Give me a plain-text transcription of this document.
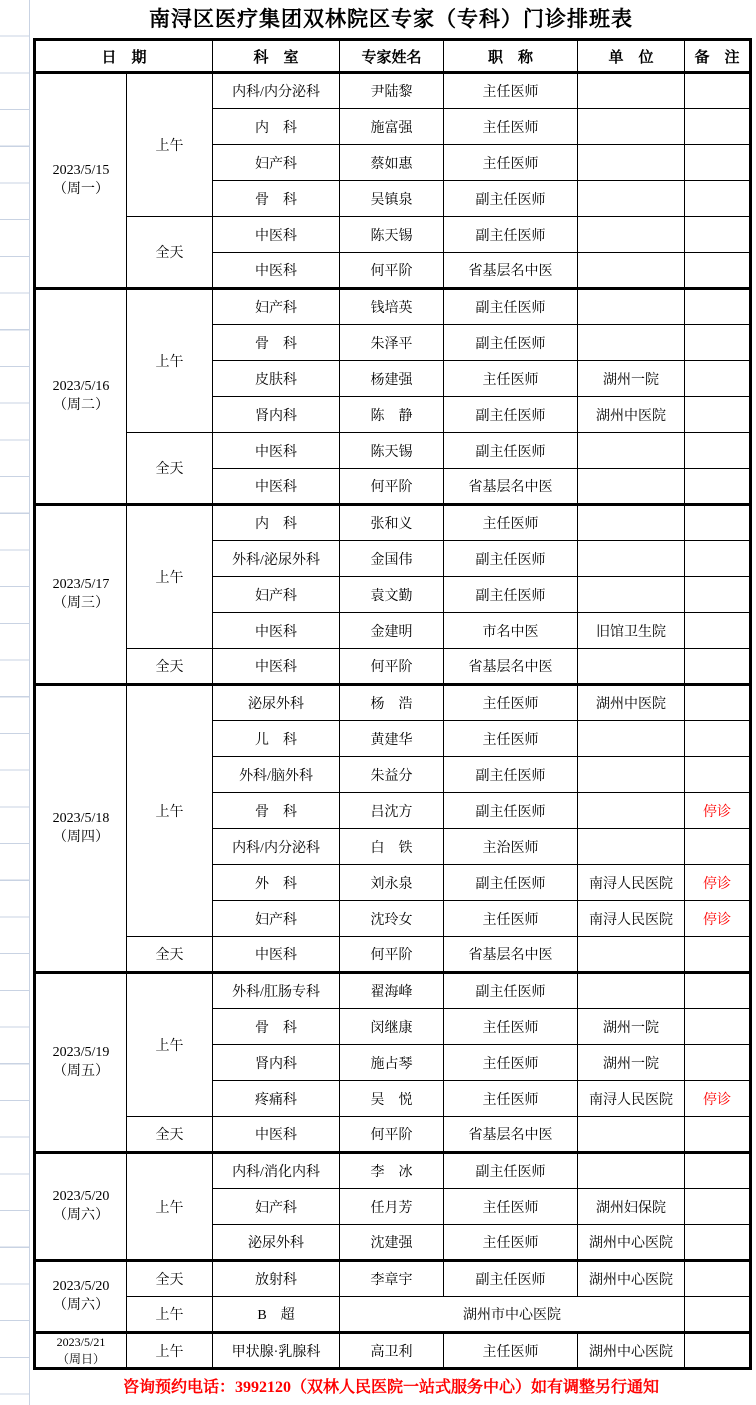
南浔区医疗集团双林院区专家（专科）门诊排班表
日　期		科　室	专家姓名	职　称	单　位	备　注

2023/5/15
（周一）	上午	内科/内分泌科	尹陆黎	主任医师		
		内　科	施富强	主任医师		
		妇产科	蔡如惠	主任医师		
		骨　科	吴镇泉	副主任医师		
	全天	中医科	陈天锡	副主任医师		
		中医科	何平阶	省基层名中医		

2023/5/16
（周二）	上午	妇产科	钱培英	副主任医师		
		骨　科	朱泽平	副主任医师		
		皮肤科	杨建强	主任医师	湖州一院	
		肾内科	陈　静	副主任医师	湖州中医院	
	全天	中医科	陈天锡	副主任医师		
		中医科	何平阶	省基层名中医		

2023/5/17
（周三）	上午	内　科	张和义	主任医师		
		外科/泌尿外科	金国伟	副主任医师		
		妇产科	袁文勤	副主任医师		
		中医科	金建明	市名中医	旧馆卫生院	
	全天	中医科	何平阶	省基层名中医		

2023/5/18
（周四）	上午	泌尿外科	杨　浩	主任医师	湖州中医院	
		儿　科	黄建华	主任医师		
		外科/脑外科	朱益分	副主任医师		
		骨　科	吕沈方	副主任医师		停诊
		内科/内分泌科	白　铁	主治医师		
		外　科	刘永泉	副主任医师	南浔人民医院	停诊
		妇产科	沈玲女	主任医师	南浔人民医院	停诊
	全天	中医科	何平阶	省基层名中医		

2023/5/19
（周五）	上午	外科/肛肠专科	翟海峰	副主任医师		
		骨　科	闵继康	主任医师	湖州一院	
		肾内科	施占琴	主任医师	湖州一院	
		疼痛科	吴　悦	主任医师	南浔人民医院	停诊
	全天	中医科	何平阶	省基层名中医		

2023/5/20
（周六）	上午	内科/消化内科	李　冰	副主任医师		
		妇产科	任月芳	主任医师	湖州妇保院	
		泌尿外科	沈建强	主任医师	湖州中心医院	

2023/5/20
（周六）	全天	放射科	李章宇	副主任医师	湖州中心医院	
	上午	B　超	湖州市中心医院			

2023/5/21
（周日）	上午	甲状腺·乳腺科	高卫利	主任医师	湖州中心医院	
咨询预约电话：3992120（双林人民医院一站式服务中心）如有调整另行通知
